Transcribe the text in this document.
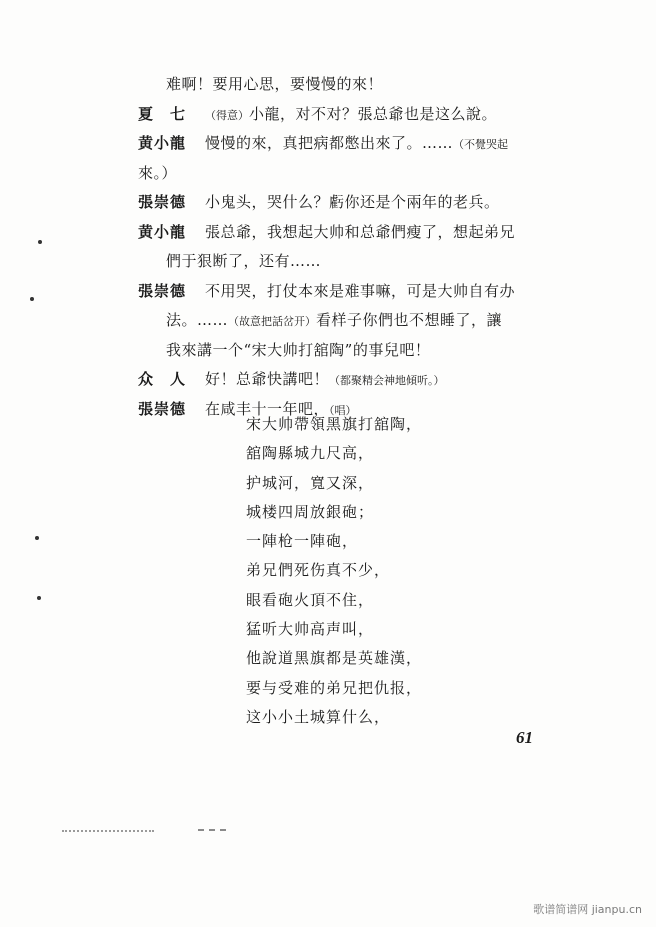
难啊！要用心思，要慢慢的來！
夏　七 （得意）小龍，对不对？張总爺也是这么說。
黄小龍 慢慢的來，真把病都憋出來了。……（不覺哭起
來。）
張崇德 小鬼头，哭什么？虧你还是个兩年的老兵。
黄小龍 張总爺，我想起大帅和总爺們瘦了，想起弟兄
們于狠断了，还有……
張崇德 不用哭，打仗本來是难事嘛，可是大帅自有办
法。……（故意把話岔开）看样子你們也不想睡了，讓
我來講一个“宋大帅打舘陶”的事兒吧！
众　人 好！总爺快講吧！（都聚精会神地傾听。）
張崇德 在咸丰十一年吧，（唱）
宋大帅帶領黑旗打舘陶，
舘陶縣城九尺高，
护城河，寬又深，
城楼四周放銀砲；
一陣枪一陣砲，
弟兄們死伤真不少，
眼看砲火頂不住，
猛听大帅高声叫，
他說道黑旗都是英雄漢，
要与受难的弟兄把仇报，
这小小土城算什么，
61
歌谱简谱网 jianpu.cn
